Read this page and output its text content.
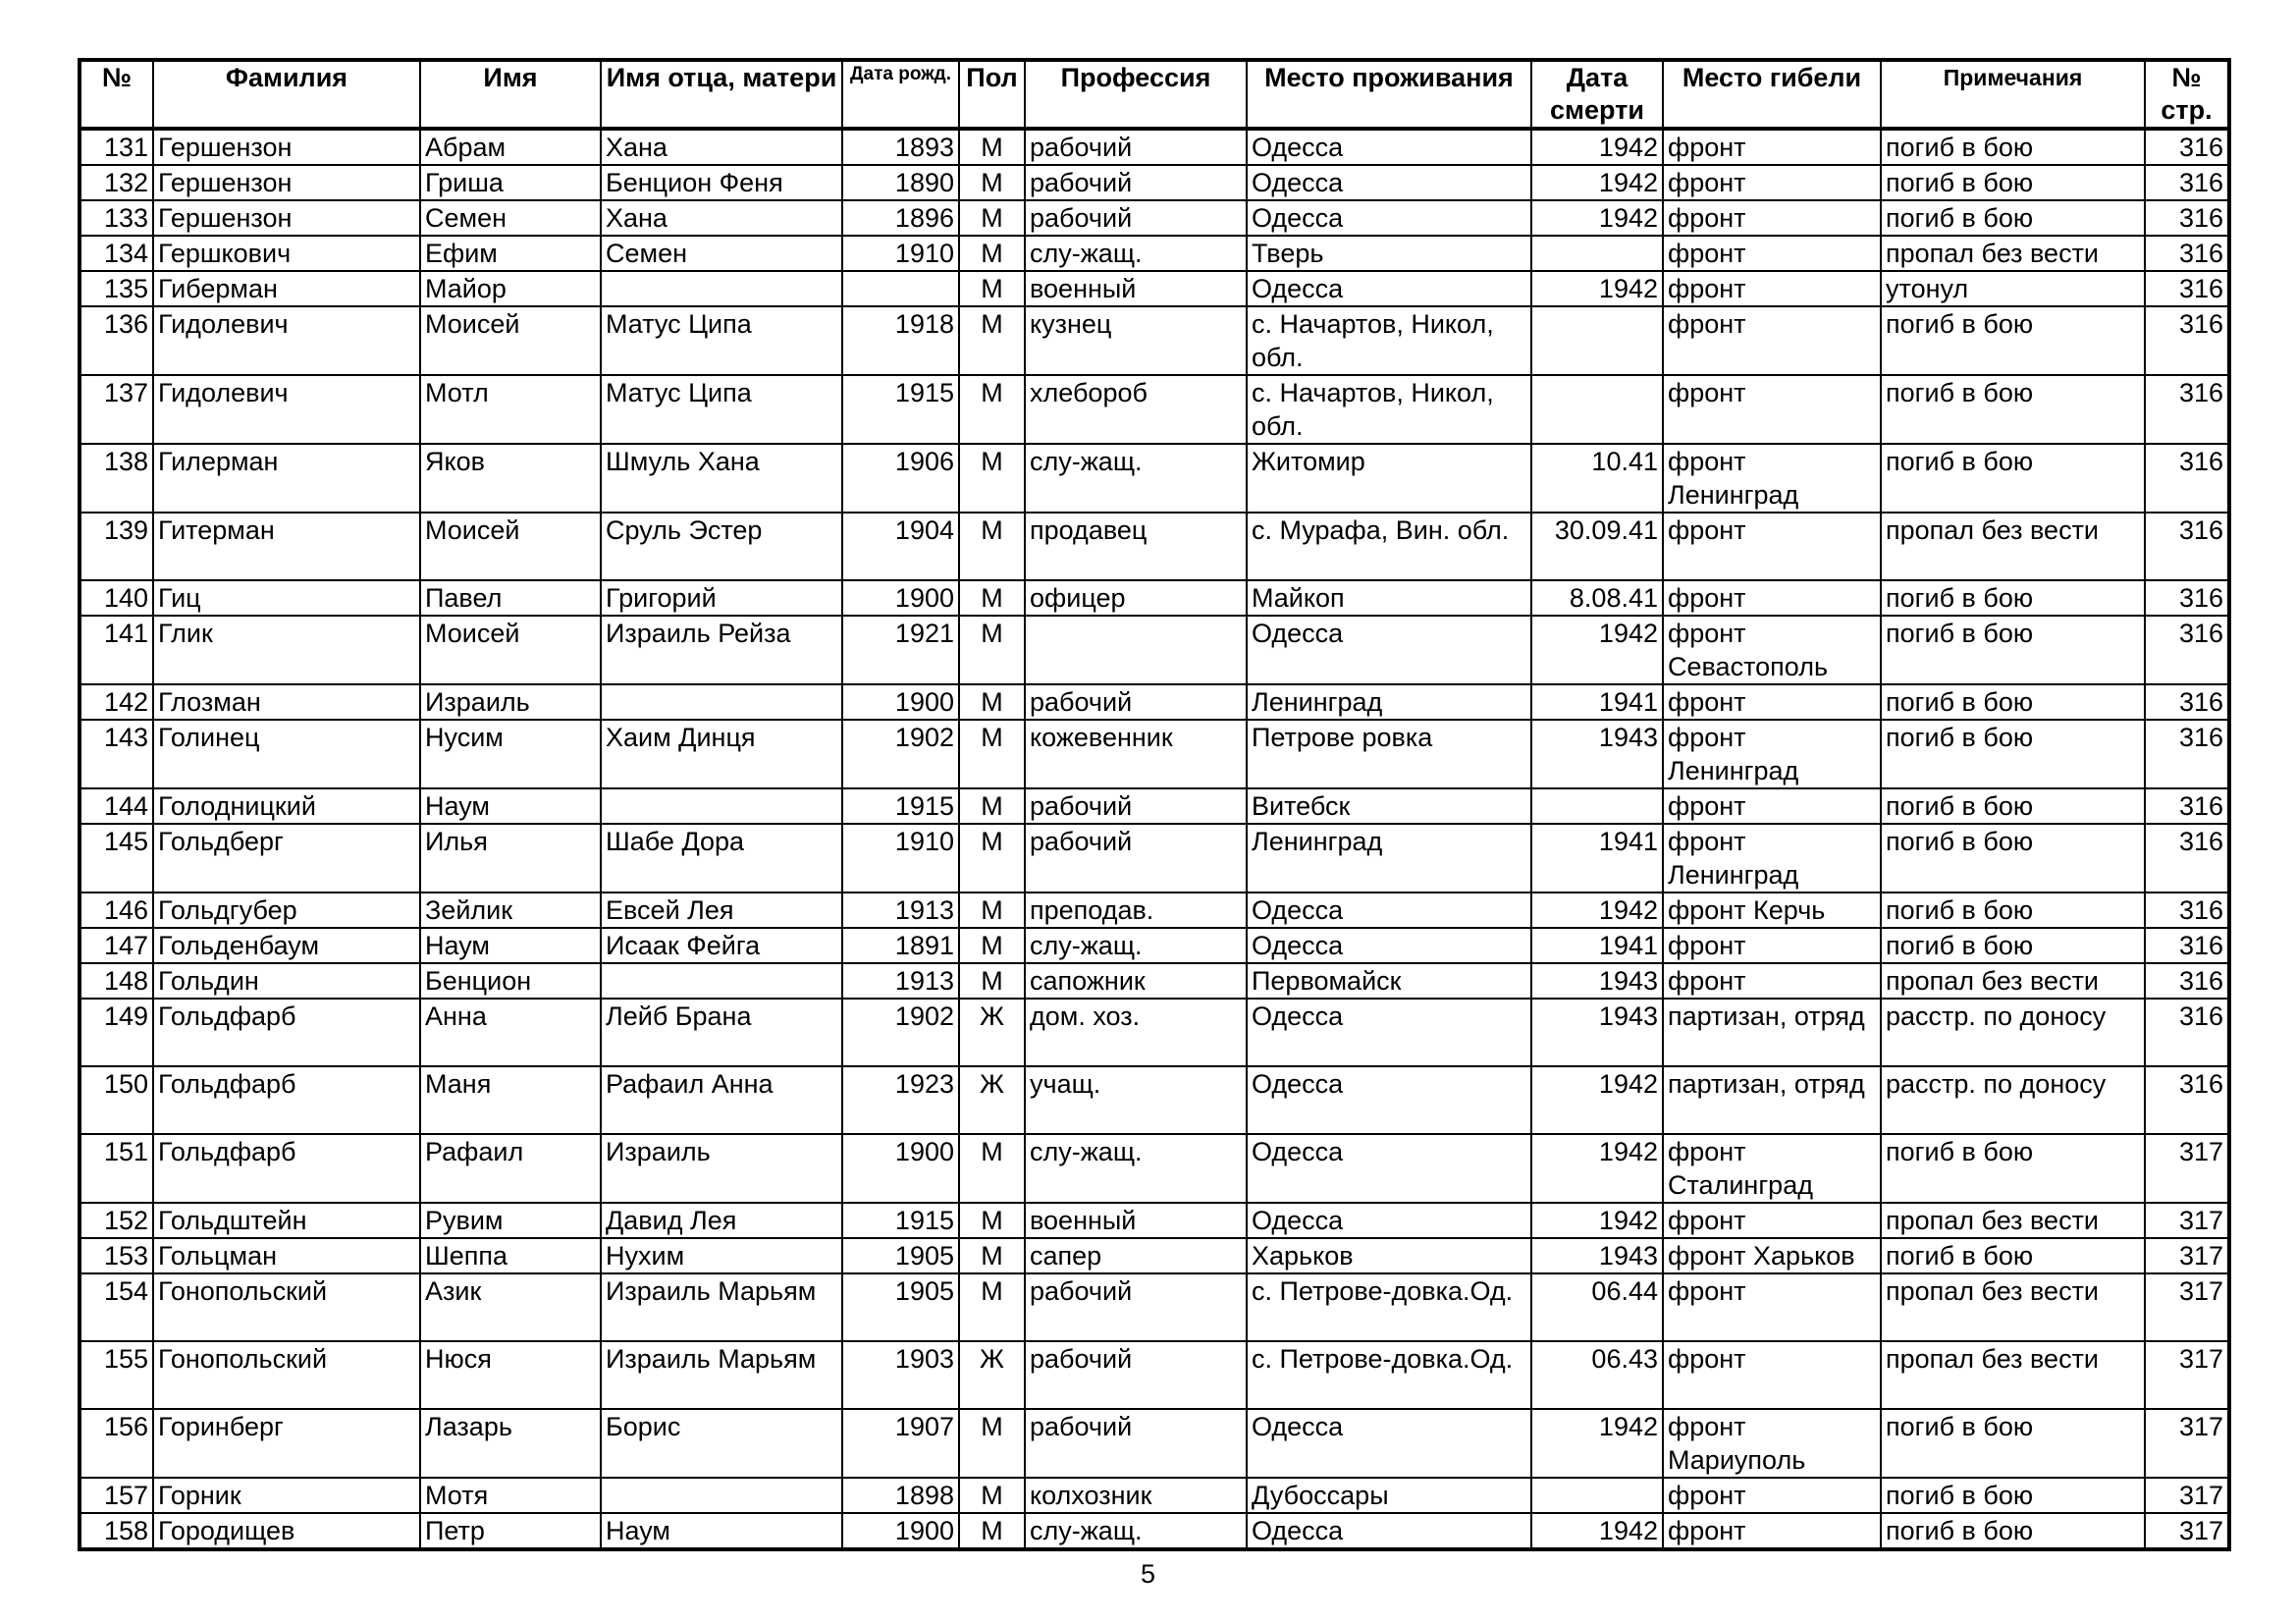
№	Фамилия	Имя	Имя отца, матери	Дата рожд.	Пол	Профессия	Место проживания	Дата смерти	Место гибели	Примечания	№ стр.
131	Гершензон	Абрам	Хана	1893	М	рабочий	Одесса	1942	фронт	погиб в бою	316
132	Гершензон	Гриша	Бенцион Феня	1890	М	рабочий	Одесса	1942	фронт	погиб в бою	316
133	Гершензон	Семен	Хана	1896	М	рабочий	Одесса	1942	фронт	погиб в бою	316
134	Гершкович	Ефим	Семен	1910	М	слу-жащ.	Тверь		фронт	пропал без вести	316
135	Гиберман	Майор			М	военный	Одесса	1942	фронт	утонул	316
136	Гидолевич	Моисей	Матус Ципа	1918	М	кузнец	с. Начартов, Никол, обл.		фронт	погиб в бою	316
137	Гидолевич	Мотл	Матус Ципа	1915	М	хлебороб	с. Начартов, Никол, обл.		фронт	погиб в бою	316
138	Гилерман	Яков	Шмуль Хана	1906	М	слу-жащ.	Житомир	10.41	фронт Ленинград	погиб в бою	316
139	Гитерман	Моисей	Сруль Эстер	1904	М	продавец	с. Мурафа, Вин. обл.	30.09.41	фронт	пропал без вести	316
140	Гиц	Павел	Григорий	1900	М	офицер	Майкоп	8.08.41	фронт	погиб в бою	316
141	Глик	Моисей	Израиль Рейза	1921	М		Одесса	1942	фронт Севастополь	погиб в бою	316
142	Глозман	Израиль		1900	М	рабочий	Ленинград	1941	фронт	погиб в бою	316
143	Голинец	Нусим	Хаим Динця	1902	М	кожевенник	Петрове ровка	1943	фронт Ленинград	погиб в бою	316
144	Голодницкий	Наум		1915	М	рабочий	Витебск		фронт	погиб в бою	316
145	Гольдберг	Илья	Шабе Дора	1910	М	рабочий	Ленинград	1941	фронт Ленинград	погиб в бою	316
146	Гольдгубер	Зейлик	Евсей Лея	1913	М	преподав.	Одесса	1942	фронт Керчь	погиб в бою	316
147	Гольденбаум	Наум	Исаак Фейга	1891	М	слу-жащ.	Одесса	1941	фронт	погиб в бою	316
148	Гольдин	Бенцион		1913	М	сапожник	Первомайск	1943	фронт	пропал без вести	316
149	Гольдфарб	Анна	Лейб Брана	1902	Ж	дом. хоз.	Одесса	1943	партизан, отряд	расстр. по доносу	316
150	Гольдфарб	Маня	Рафаил Анна	1923	Ж	учащ.	Одесса	1942	партизан, отряд	расстр. по доносу	316
151	Гольдфарб	Рафаил	Израиль	1900	М	слу-жащ.	Одесса	1942	фронт Сталинград	погиб в бою	317
152	Гольдштейн	Рувим	Давид Лея	1915	М	военный	Одесса	1942	фронт	пропал без вести	317
153	Гольцман	Шеппа	Нухим	1905	М	сапер	Харьков	1943	фронт Харьков	погиб в бою	317
154	Гонопольский	Азик	Израиль Марьям	1905	М	рабочий	с. Петрове-довка.Од.	06.44	фронт	пропал без вести	317
155	Гонопольский	Нюся	Израиль Марьям	1903	Ж	рабочий	с. Петрове-довка.Од.	06.43	фронт	пропал без вести	317
156	Горинберг	Лазарь	Борис	1907	М	рабочий	Одесса	1942	фронт Мариуполь	погиб в бою	317
157	Горник	Мотя		1898	М	колхозник	Дубоссары		фронт	погиб в бою	317
158	Городищев	Петр	Наум	1900	М	слу-жащ.	Одесса	1942	фронт	погиб в бою	317
5
